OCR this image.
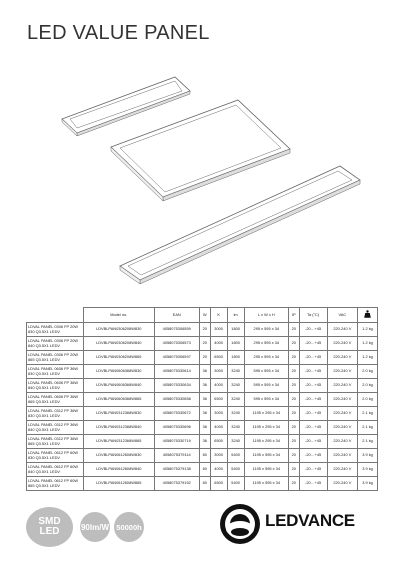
LED VALUE PANEL
	Model no.	EAN	W	K	lm	L x W x H	IP	Ta (°C)	VAC	
LDVAL PANEL 0306 FP 20W 830 Q3.5X1 LEDV	LDVBLPAN0306208W830	4058075306559	20	3000	1800	295 x 595 x 34	20	-20…+45	220-240 V	1.2 kg
LDVAL PANEL 0306 FP 20W 840 Q3.5X1 LEDV	LDVBLPAN0306208W840	4058075306573	20	4000	1800	295 x 595 x 34	20	-20…+45	220-240 V	1.2 kg
LDVAL PANEL 0306 FP 20W 865 Q3.5X1 LEDV	LDVBLPAN0306208W865	4058075306597	20	6500	1800	295 x 595 x 34	20	-20…+45	220-240 V	1.2 kg
LDVAL PANEL 0606 FP 36W 830 Q3.5X1 LEDV	LDVBLPAN0606368W830	4058075330614	36	3000	3240	595 x 595 x 34	20	-20…+45	220-240 V	2.0 kg
LDVAL PANEL 0606 FP 36W 840 Q3.5X1 LEDV	LDVBLPAN0606368W840	4058075330634	36	4000	3240	595 x 595 x 34	20	-20…+45	220-240 V	2.0 kg
LDVAL PANEL 0606 FP 36W 865 Q3.5X1 LEDV	LDVBLPAN0606368W865	4058075330658	36	6500	3240	595 x 595 x 34	20	-20…+45	220-240 V	2.0 kg
LDVAL PANEL 0312 FP 36W 830 Q3.5X1 LEDV	LDVBLPAN0312368W830	4058075330672	36	3000	3240	1195 x 295 x 34	20	-20…+45	220-240 V	2.1 kg
LDVAL PANEL 0312 FP 36W 840 Q3.5X1 LEDV	LDVBLPAN0312368W840	4058075330696	36	4000	3240	1195 x 295 x 34	20	-20…+45	220-240 V	2.1 kg
LDVAL PANEL 0312 FP 36W 865 Q3.5X1 LEDV	LDVBLPAN0312368W865	4058075330719	36	6500	3240	1195 x 295 x 34	20	-20…+45	220-240 V	2.1 kg
LDVAL PANEL 0612 FP 60W 830 Q3.5X1 LEDV	LDVBLPAN0612608W830	4058075379114	60	3000	5400	1195 x 595 x 34	20	-20…+45	220-240 V	3.9 kg
LDVAL PANEL 0612 FP 60W 840 Q3.5X1 LEDV	LDVBLPAN0612608W840	4058075379138	60	4000	5400	1195 x 595 x 34	20	-20…+45	220-240 V	3.9 kg
LDVAL PANEL 0612 FP 60W 865 Q3.5X1 LEDV	LDVBLPAN0612608W865	4058075379152	60	6500	5400	1195 x 595 x 34	20	-20…+45	220-240 V	3.9 kg
SMD
LED	90lm/W 50000h	LEDVANCE
